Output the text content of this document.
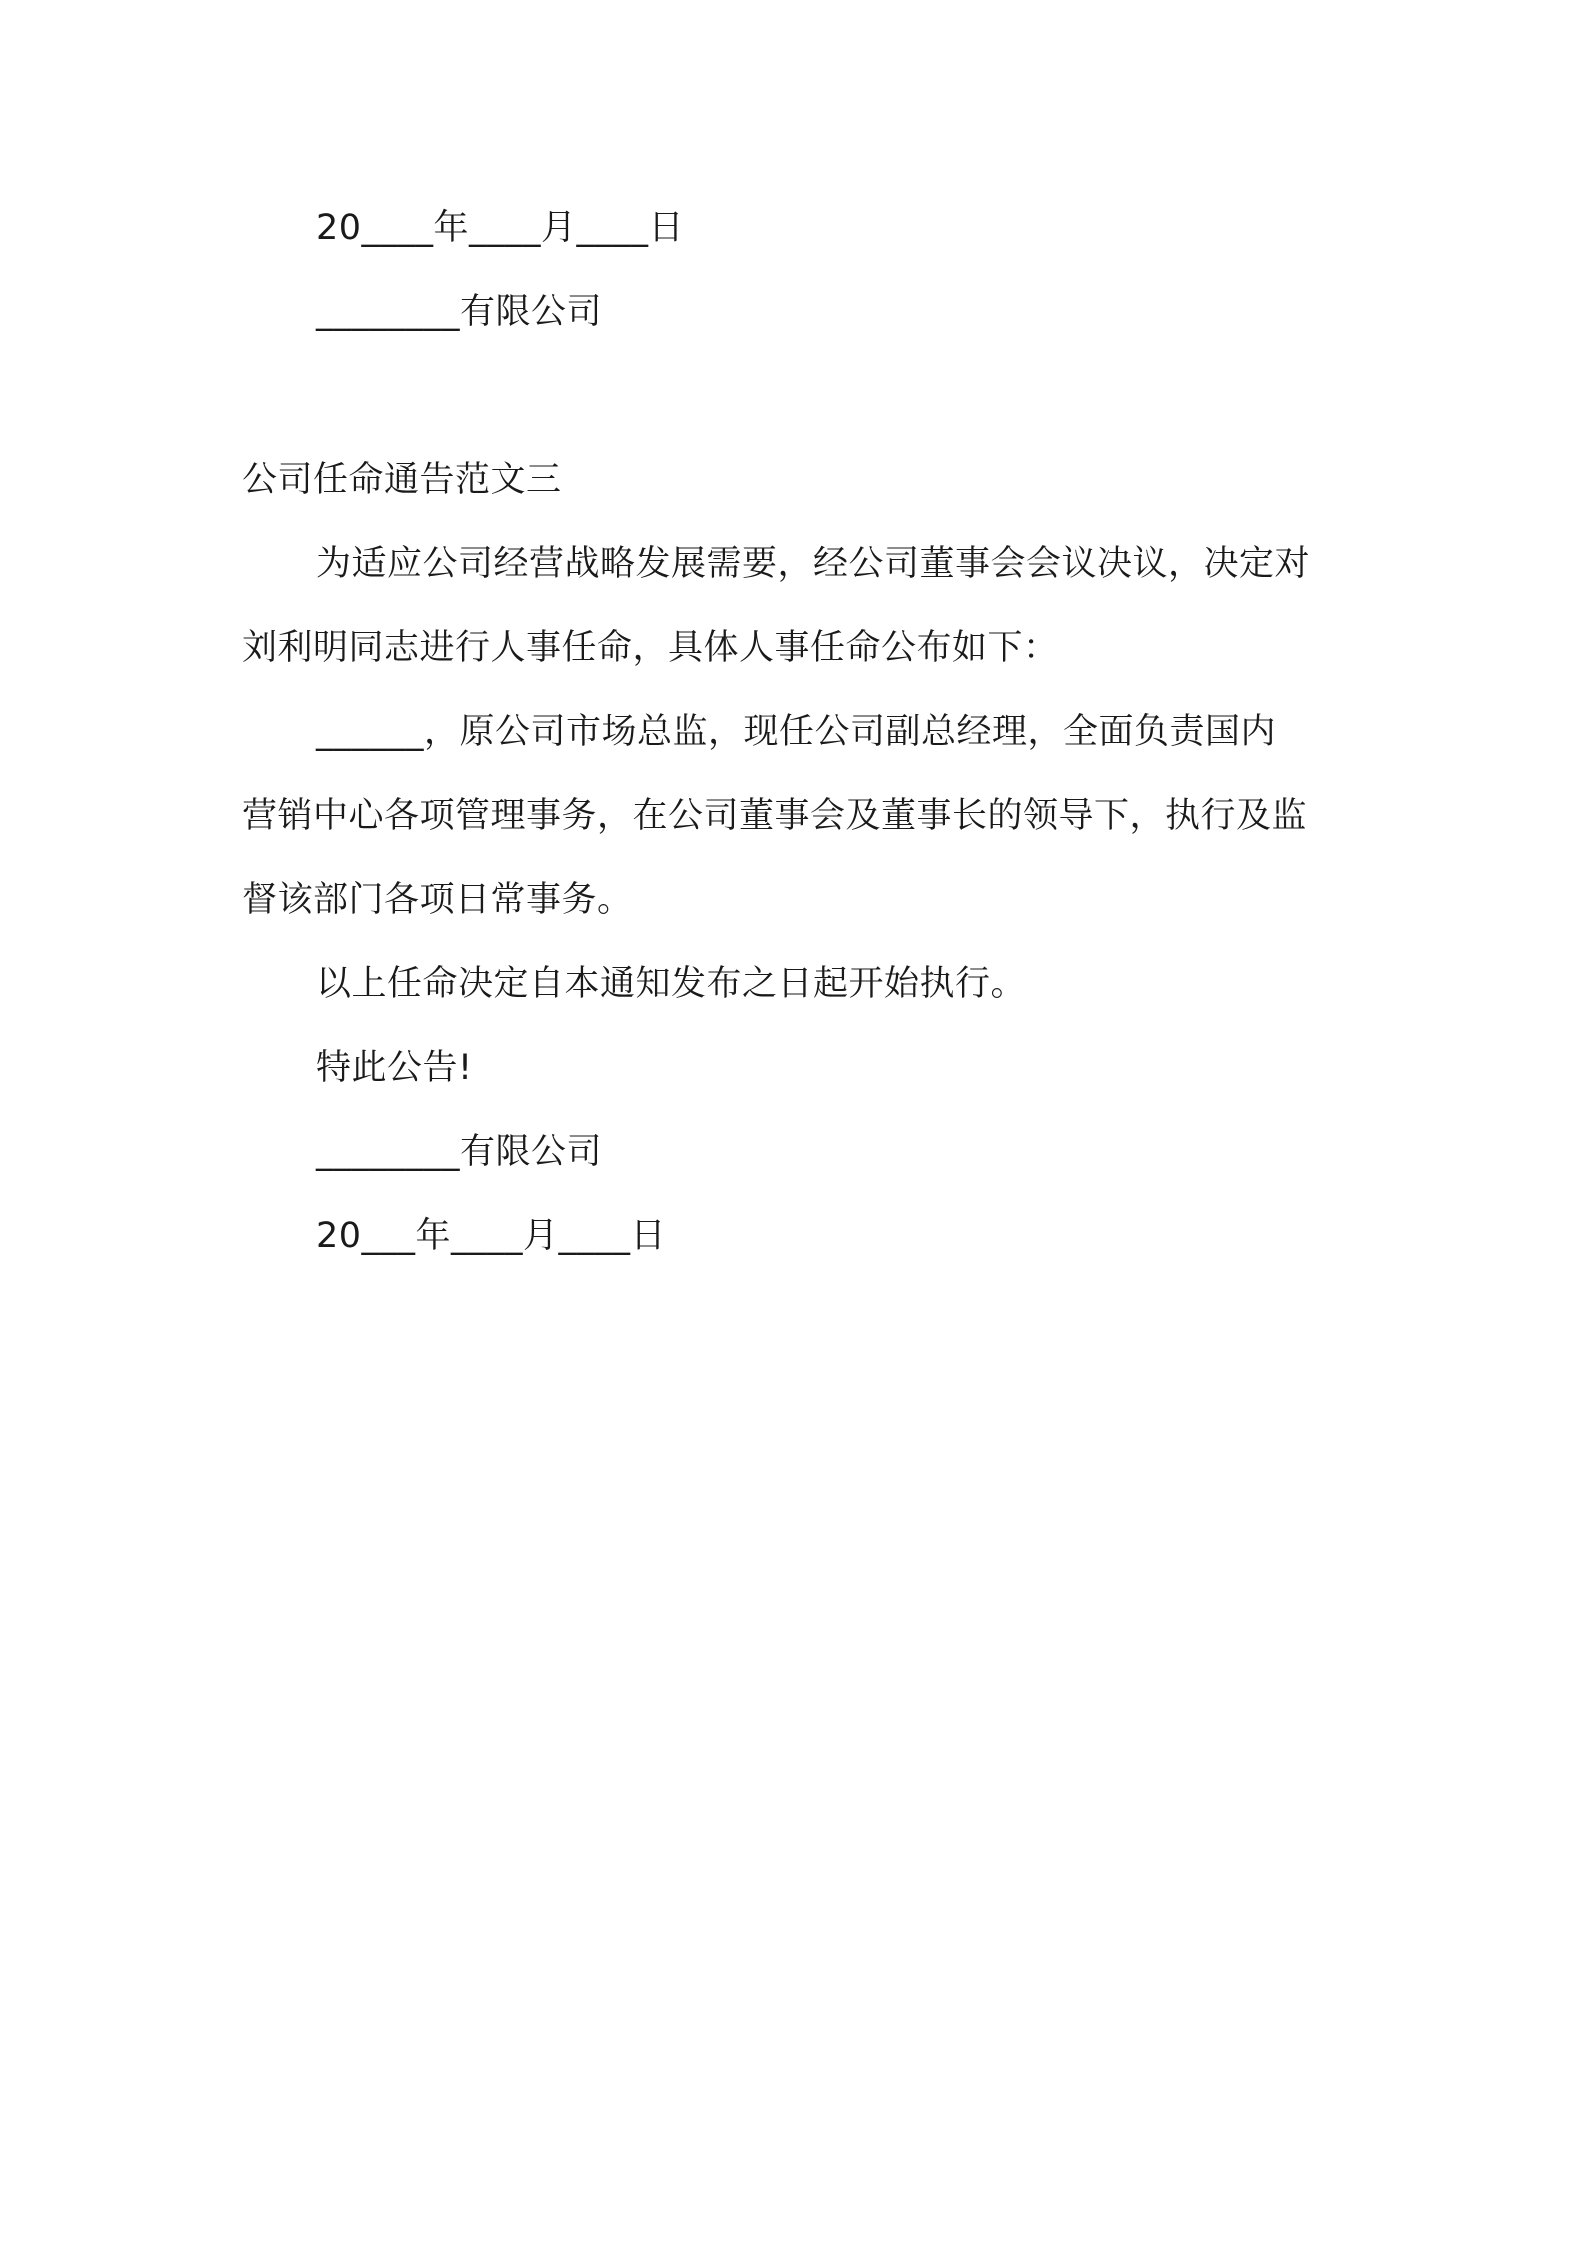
20____年____月____日
________有限公司
公司任命通告范文三
为适应公司经营战略发展需要，经公司董事会会议决议，决定对
刘利明同志进行人事任命，具体人事任命公布如下：
______，原公司市场总监，现任公司副总经理，全面负责国内
营销中心各项管理事务，在公司董事会及董事长的领导下，执行及监
督该部门各项日常事务。
以上任命决定自本通知发布之日起开始执行。
特此公告!
________有限公司
20___年____月____日
